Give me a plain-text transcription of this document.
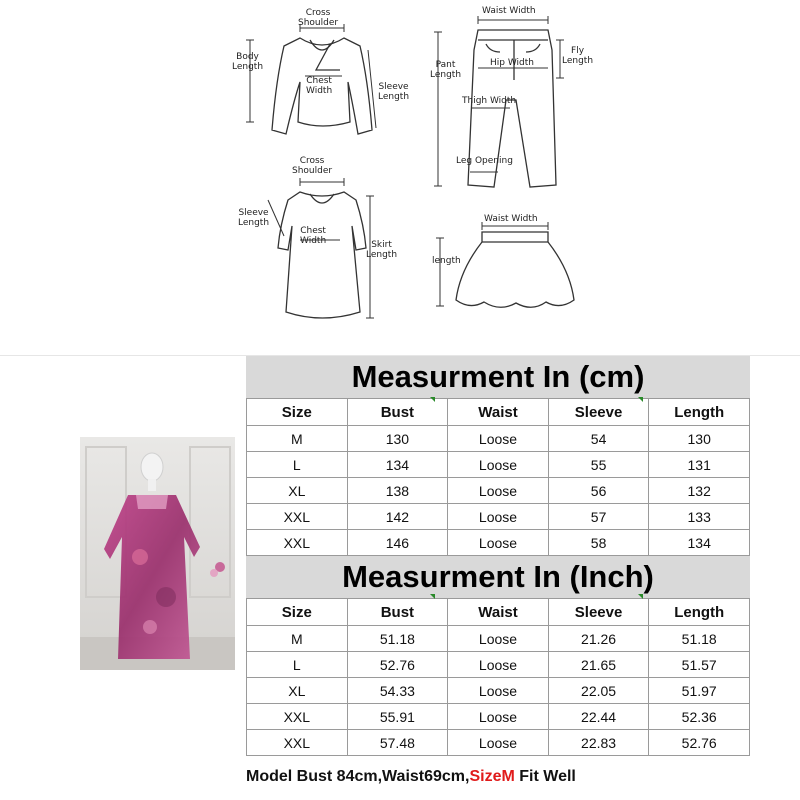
Cross
Shoulder
Body
Length
Chest
Width	Sleeve
Length
Waist Width
Pant
Length
Hip Width
Fly
Length
Thigh Width
Leg Opening
Cross
Shoulder
Sleeve
Length
Chest
Width	Skirt
Length
Waist Width
length
Measurment In (cm)
Size	Bust	Waist	Sleeve	Length
M	130	Loose	54	130
L	134	Loose	55	131
XL	138	Loose	56	132
XXL	142	Loose	57	133
XXL	146	Loose	58	134
Measurment In (Inch)
Size	Bust	Waist	Sleeve	Length
M	51.18	Loose	21.26	51.18
L	52.76	Loose	21.65	51.57
XL	54.33	Loose	22.05	51.97
XXL	55.91	Loose	22.44	52.36
XXL	57.48	Loose	22.83	52.76
Model Bust 84cm,Waist69cm, SizeM Fit Well
